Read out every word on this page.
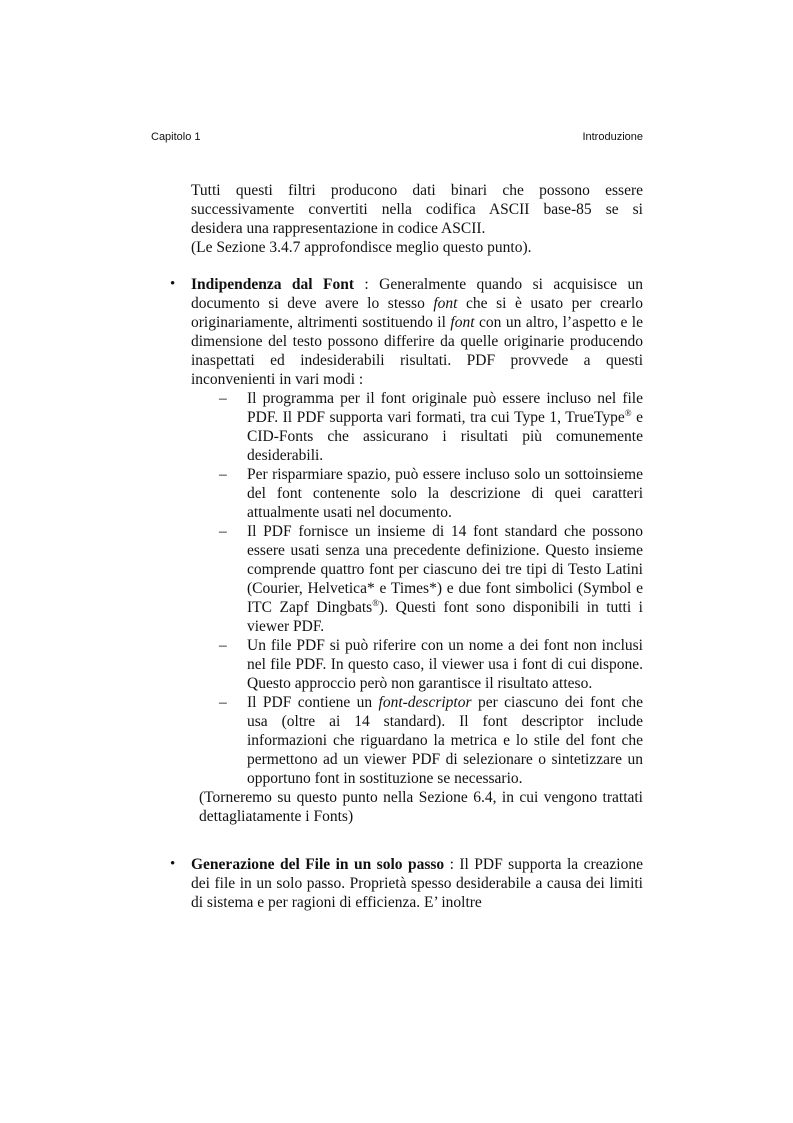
Capitolo 1	Introduzione
Tutti questi filtri producono dati binari che possono essere
successivamente convertiti nella codifica ASCII base-85 se si
desidera una rappresentazione in codice ASCII.
(Le Sezione 3.4.7 approfondisce meglio questo punto).
• Indipendenza dal Font : Generalmente quando si acquisisce un documento si deve avere lo stesso font che si è usato per crearlo originariamente, altrimenti sostituendo il font con un altro, l’aspetto e le dimensione del testo possono differire da quelle originarie producendo inaspettati ed indesiderabili risultati. PDF provvede a questi inconvenienti in vari modi :

– Il programma per il font originale può essere incluso nel file PDF. Il PDF supporta vari formati, tra cui Type 1, TrueType® e CID-Fonts che assicurano i risultati più comunemente desiderabili.
– Per risparmiare spazio, può essere incluso solo un sottoinsieme del font contenente solo la descrizione di quei caratteri attualmente usati nel documento.
– Il PDF fornisce un insieme di 14 font standard che possono essere usati senza una precedente definizione. Questo insieme comprende quattro font per ciascuno dei tre tipi di Testo Latini (Courier, Helvetica* e Times*) e due font simbolici (Symbol e ITC Zapf Dingbats®). Questi font sono disponibili in tutti i viewer PDF.
– Un file PDF si può riferire con un nome a dei font non inclusi nel file PDF. In questo caso, il viewer usa i font di cui dispone. Questo approccio però non garantisce il risultato atteso.
– Il PDF contiene un font-descriptor per ciascuno dei font che usa (oltre ai 14 standard). Il font descriptor include informazioni che riguardano la metrica e lo stile del font che permettono ad un viewer PDF di selezionare o sintetizzare un opportuno font in sostituzione se necessario.

(Torneremo su questo punto nella Sezione 6.4, in cui vengono trattati dettagliatamente i Fonts)

• Generazione del File in un solo passo : Il PDF supporta la creazione dei file in un solo passo. Proprietà spesso desiderabile a causa dei limiti di sistema e per ragioni di efficienza. E’ inoltre
